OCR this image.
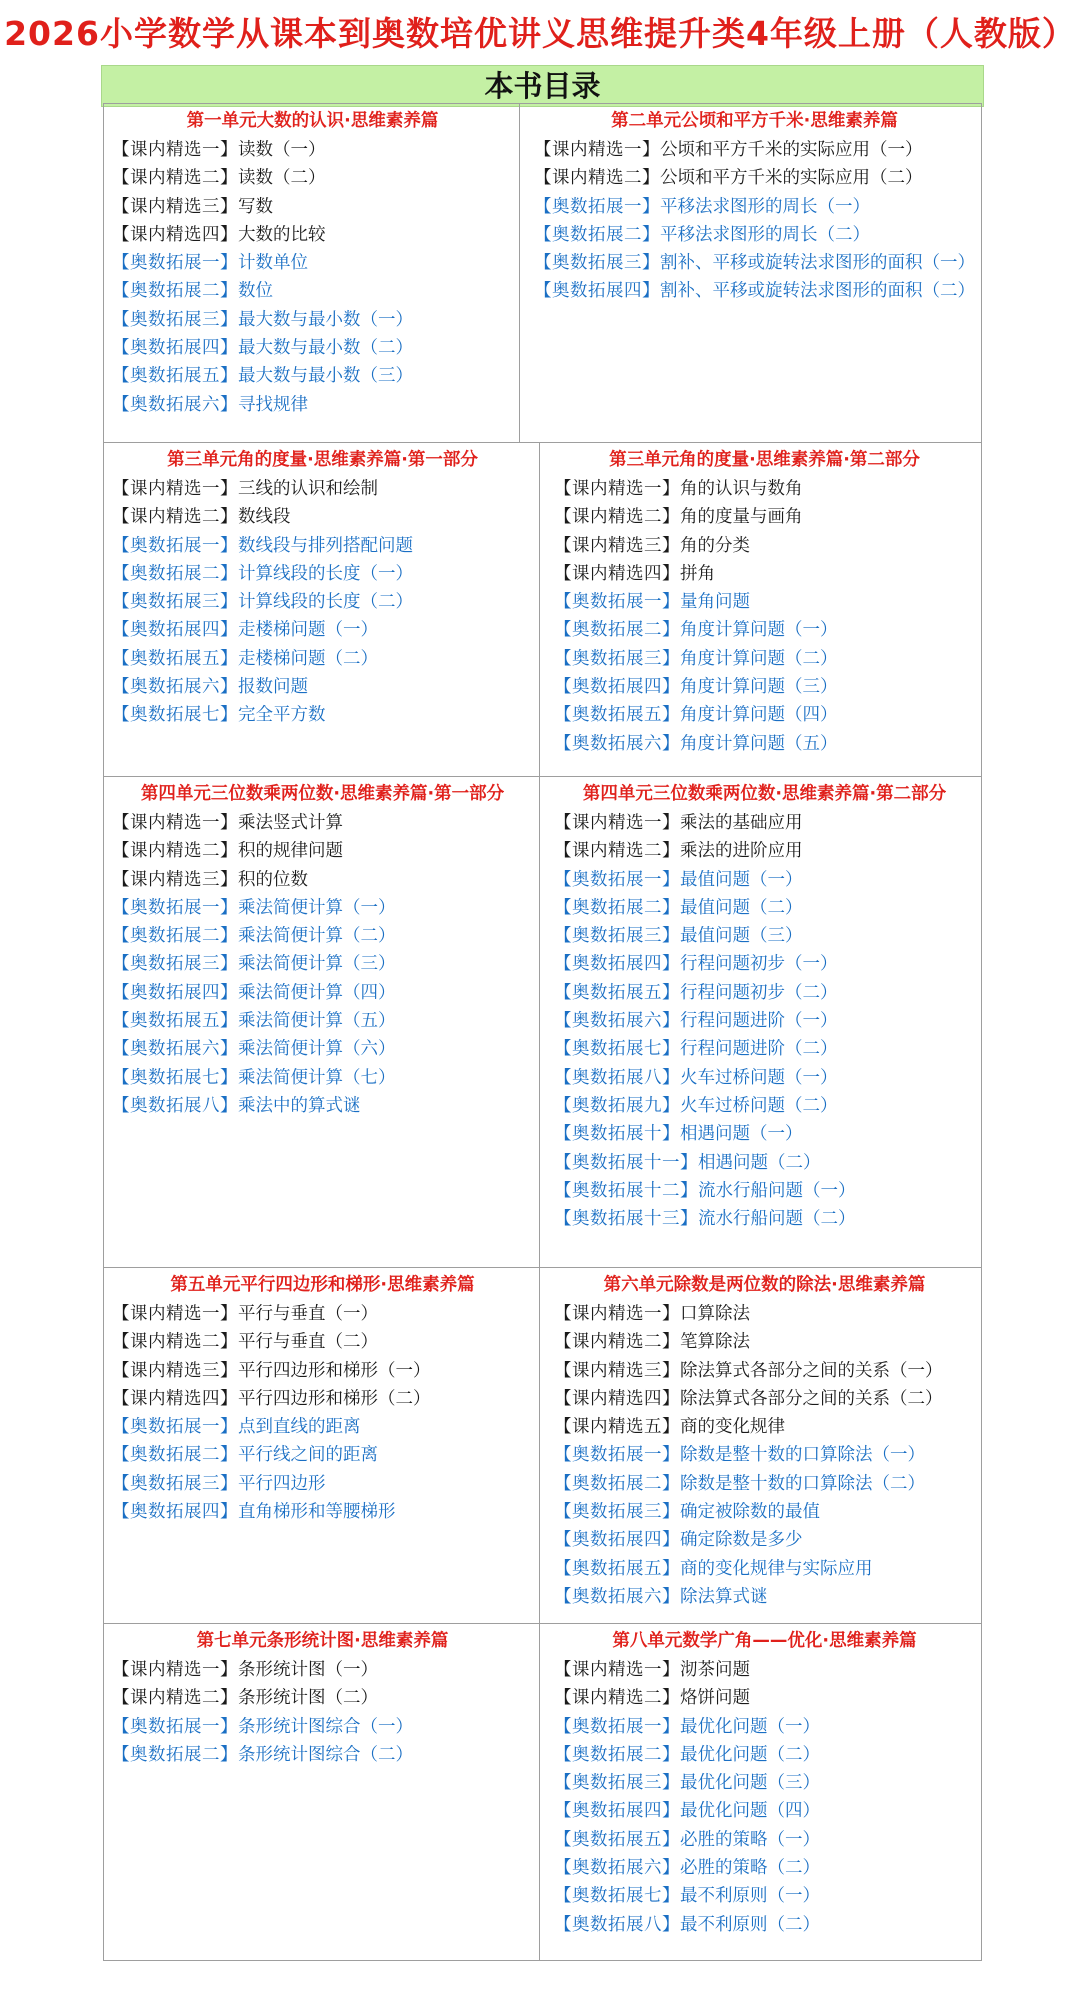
2026小学数学从课本到奥数培优讲义思维提升类4年级上册（人教版）
本书目录
第一单元大数的认识·思维素养篇
【课内精选一】读数（一）
【课内精选二】读数（二）
【课内精选三】写数
【课内精选四】大数的比较
【奥数拓展一】计数单位
【奥数拓展二】数位
【奥数拓展三】最大数与最小数（一）
【奥数拓展四】最大数与最小数（二）
【奥数拓展五】最大数与最小数（三）
【奥数拓展六】寻找规律
第二单元公顷和平方千米·思维素养篇
【课内精选一】公顷和平方千米的实际应用（一）
【课内精选二】公顷和平方千米的实际应用（二）
【奥数拓展一】平移法求图形的周长（一）
【奥数拓展二】平移法求图形的周长（二）
【奥数拓展三】割补、平移或旋转法求图形的面积（一）
【奥数拓展四】割补、平移或旋转法求图形的面积（二）
第三单元角的度量·思维素养篇·第一部分
【课内精选一】三线的认识和绘制
【课内精选二】数线段
【奥数拓展一】数线段与排列搭配问题
【奥数拓展二】计算线段的长度（一）
【奥数拓展三】计算线段的长度（二）
【奥数拓展四】走楼梯问题（一）
【奥数拓展五】走楼梯问题（二）
【奥数拓展六】报数问题
【奥数拓展七】完全平方数
第三单元角的度量·思维素养篇·第二部分
【课内精选一】角的认识与数角
【课内精选二】角的度量与画角
【课内精选三】角的分类
【课内精选四】拼角
【奥数拓展一】量角问题
【奥数拓展二】角度计算问题（一）
【奥数拓展三】角度计算问题（二）
【奥数拓展四】角度计算问题（三）
【奥数拓展五】角度计算问题（四）
【奥数拓展六】角度计算问题（五）
第四单元三位数乘两位数·思维素养篇·第一部分
【课内精选一】乘法竖式计算
【课内精选二】积的规律问题
【课内精选三】积的位数
【奥数拓展一】乘法简便计算（一）
【奥数拓展二】乘法简便计算（二）
【奥数拓展三】乘法简便计算（三）
【奥数拓展四】乘法简便计算（四）
【奥数拓展五】乘法简便计算（五）
【奥数拓展六】乘法简便计算（六）
【奥数拓展七】乘法简便计算（七）
【奥数拓展八】乘法中的算式谜
第四单元三位数乘两位数·思维素养篇·第二部分
【课内精选一】乘法的基础应用
【课内精选二】乘法的进阶应用
【奥数拓展一】最值问题（一）
【奥数拓展二】最值问题（二）
【奥数拓展三】最值问题（三）
【奥数拓展四】行程问题初步（一）
【奥数拓展五】行程问题初步（二）
【奥数拓展六】行程问题进阶（一）
【奥数拓展七】行程问题进阶（二）
【奥数拓展八】火车过桥问题（一）
【奥数拓展九】火车过桥问题（二）
【奥数拓展十】相遇问题（一）
【奥数拓展十一】相遇问题（二）
【奥数拓展十二】流水行船问题（一）
【奥数拓展十三】流水行船问题（二）
第五单元平行四边形和梯形·思维素养篇
【课内精选一】平行与垂直（一）
【课内精选二】平行与垂直（二）
【课内精选三】平行四边形和梯形（一）
【课内精选四】平行四边形和梯形（二）
【奥数拓展一】点到直线的距离
【奥数拓展二】平行线之间的距离
【奥数拓展三】平行四边形
【奥数拓展四】直角梯形和等腰梯形
第六单元除数是两位数的除法·思维素养篇
【课内精选一】口算除法
【课内精选二】笔算除法
【课内精选三】除法算式各部分之间的关系（一）
【课内精选四】除法算式各部分之间的关系（二）
【课内精选五】商的变化规律
【奥数拓展一】除数是整十数的口算除法（一）
【奥数拓展二】除数是整十数的口算除法（二）
【奥数拓展三】确定被除数的最值
【奥数拓展四】确定除数是多少
【奥数拓展五】商的变化规律与实际应用
【奥数拓展六】除法算式谜
第七单元条形统计图·思维素养篇
【课内精选一】条形统计图（一）
【课内精选二】条形统计图（二）
【奥数拓展一】条形统计图综合（一）
【奥数拓展二】条形统计图综合（二）
第八单元数学广角——优化·思维素养篇
【课内精选一】沏茶问题
【课内精选二】烙饼问题
【奥数拓展一】最优化问题（一）
【奥数拓展二】最优化问题（二）
【奥数拓展三】最优化问题（三）
【奥数拓展四】最优化问题（四）
【奥数拓展五】必胜的策略（一）
【奥数拓展六】必胜的策略（二）
【奥数拓展七】最不利原则（一）
【奥数拓展八】最不利原则（二）
